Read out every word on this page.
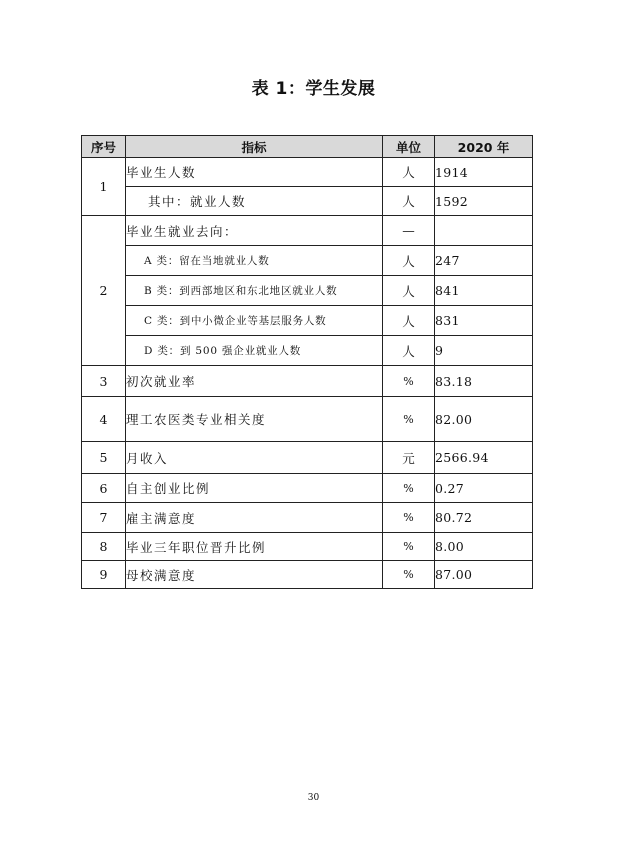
表 1：学生发展
序号	指标	单位	2020 年
1	毕业生人数	人	1914
	其中：就业人数	人	1592
2	毕业生就业去向：	—	
	A 类：留在当地就业人数	人	247
	B 类：到西部地区和东北地区就业人数	人	841
	C 类：到中小微企业等基层服务人数	人	831
	D 类：到 500 强企业就业人数	人	9
3	初次就业率	%	83.18
4	理工农医类专业相关度	%	82.00
5	月收入	元	2566.94
6	自主创业比例	%	0.27
7	雇主满意度	%	80.72
8	毕业三年职位晋升比例	%	8.00
9	母校满意度	%	87.00
30
